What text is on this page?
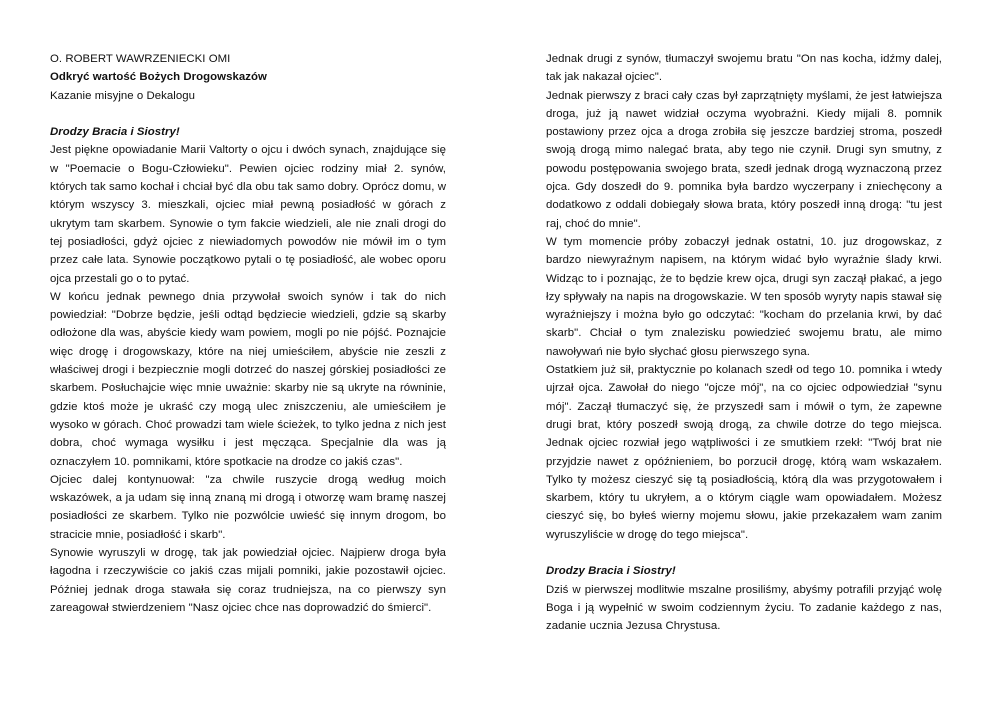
O. ROBERT WAWRZENIECKI OMI

Odkryć wartość Bożych Drogowskazów

Kazanie misyjne o Dekalogu

Drodzy Bracia i Siostry!

Jest piękne opowiadanie Marii Valtorty o ojcu i dwóch synach, znajdujące się w "Poemacie o Bogu-Człowieku". Pewien ojciec rodziny miał 2. synów, których tak samo kochał i chciał być dla obu tak samo dobry. Oprócz domu, w którym wszyscy 3. mieszkali, ojciec miał pewną posiadłość w górach z ukrytym tam skarbem. Synowie o tym fakcie wiedzieli, ale nie znali drogi do tej posiadłości, gdyż ojciec z niewiadomych powodów nie mówił im o tym przez całe lata. Synowie początkowo pytali o tę posiadłość, ale wobec oporu ojca przestali go o to pytać.

W końcu jednak pewnego dnia przywołał swoich synów i tak do nich powiedział: "Dobrze będzie, jeśli odtąd będziecie wiedzieli, gdzie są skarby odłożone dla was, abyście kiedy wam powiem, mogli po nie pójść. Poznajcie więc drogę i drogowskazy, które na niej umieściłem, abyście nie zeszli z właściwej drogi i bezpiecznie mogli dotrzeć do naszej górskiej posiadłości ze skarbem. Posłuchajcie więc mnie uważnie: skarby nie są ukryte na równinie, gdzie ktoś może je ukraść czy mogą ulec zniszczeniu, ale umieściłem je wysoko w górach. Choć prowadzi tam wiele ścieżek, to tylko jedna z nich jest dobra, choć wymaga wysiłku i jest męcząca. Specjalnie dla was ją oznaczyłem 10. pomnikami, które spotkacie na drodze co jakiś czas".

Ojciec dalej kontynuował: "za chwile ruszycie drogą według moich wskazówek, a ja udam się inną znaną mi drogą i otworzę wam bramę naszej posiadłości ze skarbem. Tylko nie pozwólcie uwieść się innym drogom, bo stracicie mnie, posiadłość i skarb".

Synowie wyruszyli w drogę, tak jak powiedział ojciec. Najpierw droga była łagodna i rzeczywiście co jakiś czas mijali pomniki, jakie pozostawił ojciec. Później jednak droga stawała się coraz trudniejsza, na co pierwszy syn zareagował stwierdzeniem "Nasz ojciec chce nas doprowadzić do śmierci".

Jednak drugi z synów, tłumaczył swojemu bratu "On nas kocha, idźmy dalej, tak jak nakazał ojciec".

Jednak pierwszy z braci cały czas był zaprzątnięty myślami, że jest łatwiejsza droga, już ją nawet widział oczyma wyobraźni. Kiedy mijali 8. pomnik postawiony przez ojca a droga zrobiła się jeszcze bardziej stroma, poszedł swoją drogą mimo nalegać brata, aby tego nie czynił. Drugi syn smutny, z powodu postępowania swojego brata, szedł jednak drogą wyznaczoną przez ojca. Gdy doszedł do 9. pomnika była bardzo wyczerpany i zniechęcony a dodatkowo z oddali dobiegały słowa brata, który poszedł inną drogą: "tu jest raj, choć do mnie".

W tym momencie próby zobaczył jednak ostatni, 10. juz drogowskaz, z bardzo niewyraźnym napisem, na którym widać było wyraźnie ślady krwi. Widząc to i poznając, że to będzie krew ojca, drugi syn zaczął płakać, a jego łzy spływały na napis na drogowskazie. W ten sposób wyryty napis stawał się wyraźniejszy i można było go odczytać: "kocham do przelania krwi, by dać skarb". Chciał o tym znalezisku powiedzieć swojemu bratu, ale mimo nawoływań nie było słychać głosu pierwszego syna.

Ostatkiem już sił, praktycznie po kolanach szedł od tego 10. pomnika i wtedy ujrzał ojca. Zawołał do niego "ojcze mój", na co ojciec odpowiedział "synu mój". Zaczął tłumaczyć się, że przyszedł sam i mówił o tym, że zapewne drugi brat, który poszedł swoją drogą, za chwile dotrze do tego miejsca. Jednak ojciec rozwiał jego wątpliwości i ze smutkiem rzekł: "Twój brat nie przyjdzie nawet z opóźnieniem, bo porzucił drogę, którą wam wskazałem. Tylko ty możesz cieszyć się tą posiadłością, którą dla was przygotowałem i skarbem, który tu ukryłem, a o którym ciągle wam opowiadałem. Możesz cieszyć się, bo byłeś wierny mojemu słowu, jakie przekazałem wam zanim wyruszyliście w drogę do tego miejsca".

Drodzy Bracia i Siostry!

Dziś w pierwszej modlitwie mszalne prosiliśmy, abyśmy potrafili przyjąć wolę Boga i ją wypełnić w swoim codziennym życiu. To zadanie każdego z nas, zadanie ucznia Jezusa Chrystusa.
